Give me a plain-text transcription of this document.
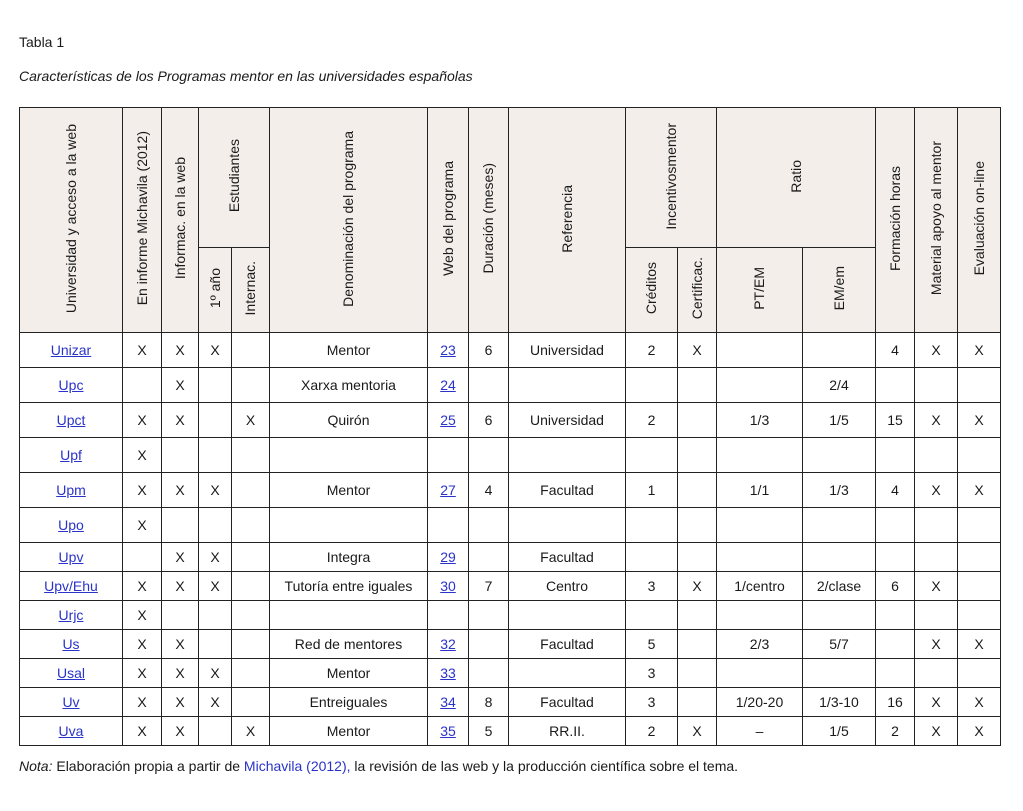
Tabla 1
Características de los Programas mentor en las universidades españolas
Universidad y acceso a la web	En informe Michavila (2012)	Informac. en la web	Estudiantes		Denominación del programa	Web del programa	Duración (meses)	Referencia	Incentivosmentor		Ratio		Formación horas	Material apoyo al mentor	Evaluación on-line
			1º año	Internac.					Créditos	Certificac.	PT/EM	EM/em			
Unizar	X	X	X		Mentor	23	6	Universidad	2	X			4	X	X
Upc		X			Xarxa mentoria	24						2/4			
Upct	X	X		X	Quirón	25	6	Universidad	2		1/3	1/5	15	X	X
Upf	X														
Upm	X	X	X		Mentor	27	4	Facultad	1		1/1	1/3	4	X	X
Upo	X														
Upv		X	X		Integra	29		Facultad							
Upv/Ehu	X	X	X		Tutoría entre iguales	30	7	Centro	3	X	1/centro	2/clase	6	X	
Urjc	X														
Us	X	X			Red de mentores	32		Facultad	5		2/3	5/7		X	X
Usal	X	X	X		Mentor	33			3						
Uv	X	X	X		Entreiguales	34	8	Facultad	3		1/20-20	1/3-10	16	X	X
Uva	X	X		X	Mentor	35	5	RR.II.	2	X	–	1/5	2	X	X
Nota: Elaboración propia a partir de Michavila (2012), la revisión de las web y la producción científica sobre el tema.
